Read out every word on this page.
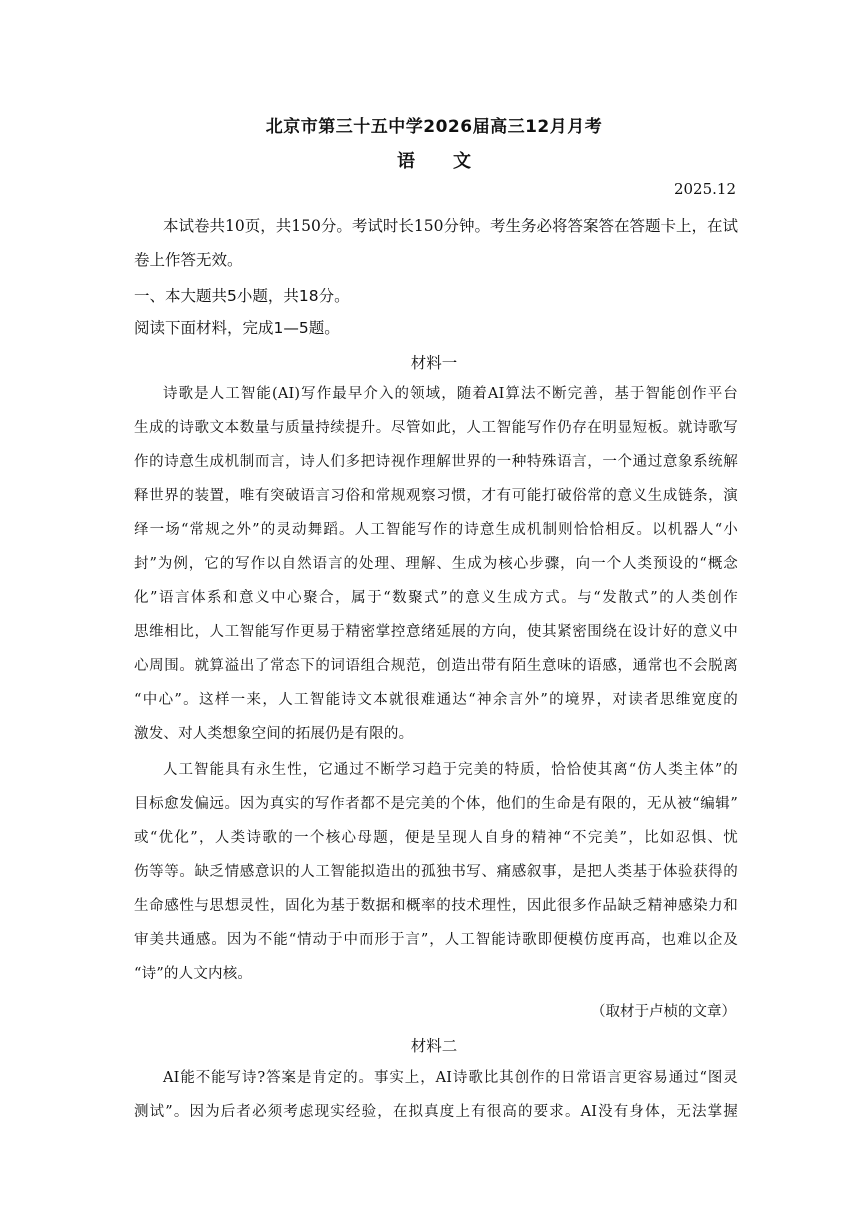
北京市第三十五中学2026届高三12月月考
语 文
2025.12
本试卷共10页，共150分。考试时长150分钟。考生务必将答案答在答题卡上，在试
卷上作答无效。
一、本大题共5小题，共18分。
阅读下面材料，完成1—5题。
材料一
诗歌是人工智能(AI)写作最早介入的领域，随着AI算法不断完善，基于智能创作平台
生成的诗歌文本数量与质量持续提升。尽管如此，人工智能写作仍存在明显短板。就诗歌写
作的诗意生成机制而言，诗人们多把诗视作理解世界的一种特殊语言，一个通过意象系统解
释世界的装置，唯有突破语言习俗和常规观察习惯，才有可能打破俗常的意义生成链条，演
绎一场“常规之外”的灵动舞蹈。人工智能写作的诗意生成机制则恰恰相反。以机器人“小
封”为例，它的写作以自然语言的处理、理解、生成为核心步骤，向一个人类预设的“概念
化”语言体系和意义中心聚合，属于“数聚式”的意义生成方式。与“发散式”的人类创作
思维相比，人工智能写作更易于精密掌控意绪延展的方向，使其紧密围绕在设计好的意义中
心周围。就算溢出了常态下的词语组合规范，创造出带有陌生意味的语感，通常也不会脱离
“中心”。这样一来，人工智能诗文本就很难通达“神余言外”的境界，对读者思维宽度的
激发、对人类想象空间的拓展仍是有限的。
人工智能具有永生性，它通过不断学习趋于完美的特质，恰恰使其离“仿人类主体”的
目标愈发偏远。因为真实的写作者都不是完美的个体，他们的生命是有限的，无从被“编辑”
或“优化”，人类诗歌的一个核心母题，便是呈现人自身的精神“不完美”，比如忍惧、忧
伤等等。缺乏情感意识的人工智能拟造出的孤独书写、痛感叙事，是把人类基于体验获得的
生命感性与思想灵性，固化为基于数据和概率的技术理性，因此很多作品缺乏精神感染力和
审美共通感。因为不能“情动于中而形于言”，人工智能诗歌即便模仿度再高，也难以企及
“诗”的人文内核。
（取材于卢桢的文章）
材料二
AI能不能写诗?答案是肯定的。事实上，AI诗歌比其创作的日常语言更容易通过“图灵
测试”。因为后者必须考虑现实经验，在拟真度上有很高的要求。AI没有身体，无法掌握
